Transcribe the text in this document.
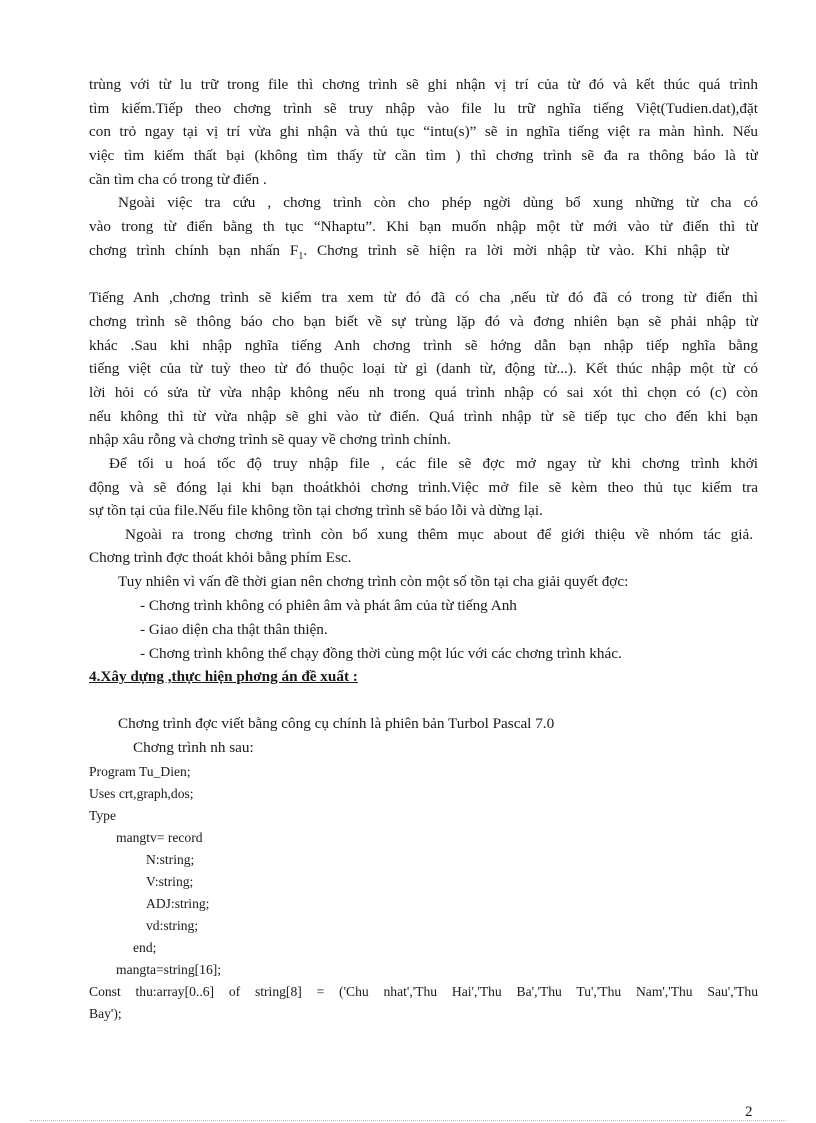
trùng với từ lu trữ trong file thì chơng trình sẽ ghi nhận vị trí của từ đó và kết thúc quá trình
tìm kiếm.Tiếp theo chơng trình sẽ truy nhập vào file lu trữ nghĩa tiếng Việt(Tudien.dat),đặt
con trỏ ngay tại vị trí vừa ghi nhận và thủ tục “intu(s)” sẽ in nghĩa tiếng việt ra màn hình. Nếu
việc tìm kiếm thất bại (không tìm thấy từ cần tìm ) thì chơng trình sẽ đa ra thông báo là từ
cần tìm cha có trong từ điển .
Ngoài việc tra cứu , chơng trình còn cho phép ngời dùng bổ xung những từ cha có
vào trong từ điển bằng th tục “Nhaptu”. Khi bạn muốn nhập một từ mới vào từ điển thì từ
chơng trình chính bạn nhấn $F_1$. Chơng trình sẽ hiện ra lời mời nhập từ vào. Khi nhập từ
Tiếng Anh ,chơng trình sẽ kiểm tra xem từ đó đã có cha ,nếu từ đó đã có trong từ điển thì
chơng trình sẽ thông báo cho bạn biết về sự trùng lặp đó và đơng nhiên bạn sẽ phải nhập từ
khác .Sau khi nhập nghĩa tiếng Anh chơng trình sẽ hớng dẫn bạn nhập tiếp nghĩa bằng
tiếng việt của từ tuỳ theo từ đó thuộc loại từ gì (danh từ, động từ...). Kết thúc nhập một từ có
lời hỏi có sửa từ vừa nhập không nếu nh trong quá trình nhập có sai xót thì chọn có (c) còn
nếu không thì từ vừa nhập sẽ ghi vào từ điển. Quá trình nhập từ sẽ tiếp tục cho đến khi bạn
nhập xâu rỗng và chơng trình sẽ quay về chơng trình chính.
Để tối u hoá tốc độ truy nhập file , các file sẽ đợc mở ngay từ khi chơng trình khởi
động và sẽ đóng lại khi bạn thoátkhỏi chơng trình.Việc mở file sẽ kèm theo thủ tục kiểm tra
sự tồn tại của file.Nếu file không tồn tại chơng trình sẽ báo lỗi và dừng lại.
Ngoài ra trong chơng trình còn bổ xung thêm mục about để giới thiệu về nhóm tác giả.
Chơng trình đợc thoát khỏi bằng phím Esc.
Tuy nhiên vì vấn đề thời gian nên chơng trình còn một số tồn tại cha giải quyết đợc:
- Chơng trình không có phiên âm và phát âm của từ tiếng Anh
- Giao diện cha thật thân thiện.
- Chơng trình không thể chạy đồng thời cùng một lúc với các chơng trình khác.
4.Xây dựng ,thực hiện phơng án đề xuất :
Chơng trình đợc viết bằng công cụ chính là phiên bản Turbol Pascal 7.0
Chơng trình nh sau:
Program Tu_Dien;
Uses crt,graph,dos;
Type
mangtv= record
N:string;
V:string;
ADJ:string;
vd:string;
end;
mangta=string[16];
Const thu:array[0..6] of string[8] = ('Chu nhat','Thu Hai','Thu Ba','Thu Tu','Thu Nam','Thu Sau','Thu
Bay');
2
